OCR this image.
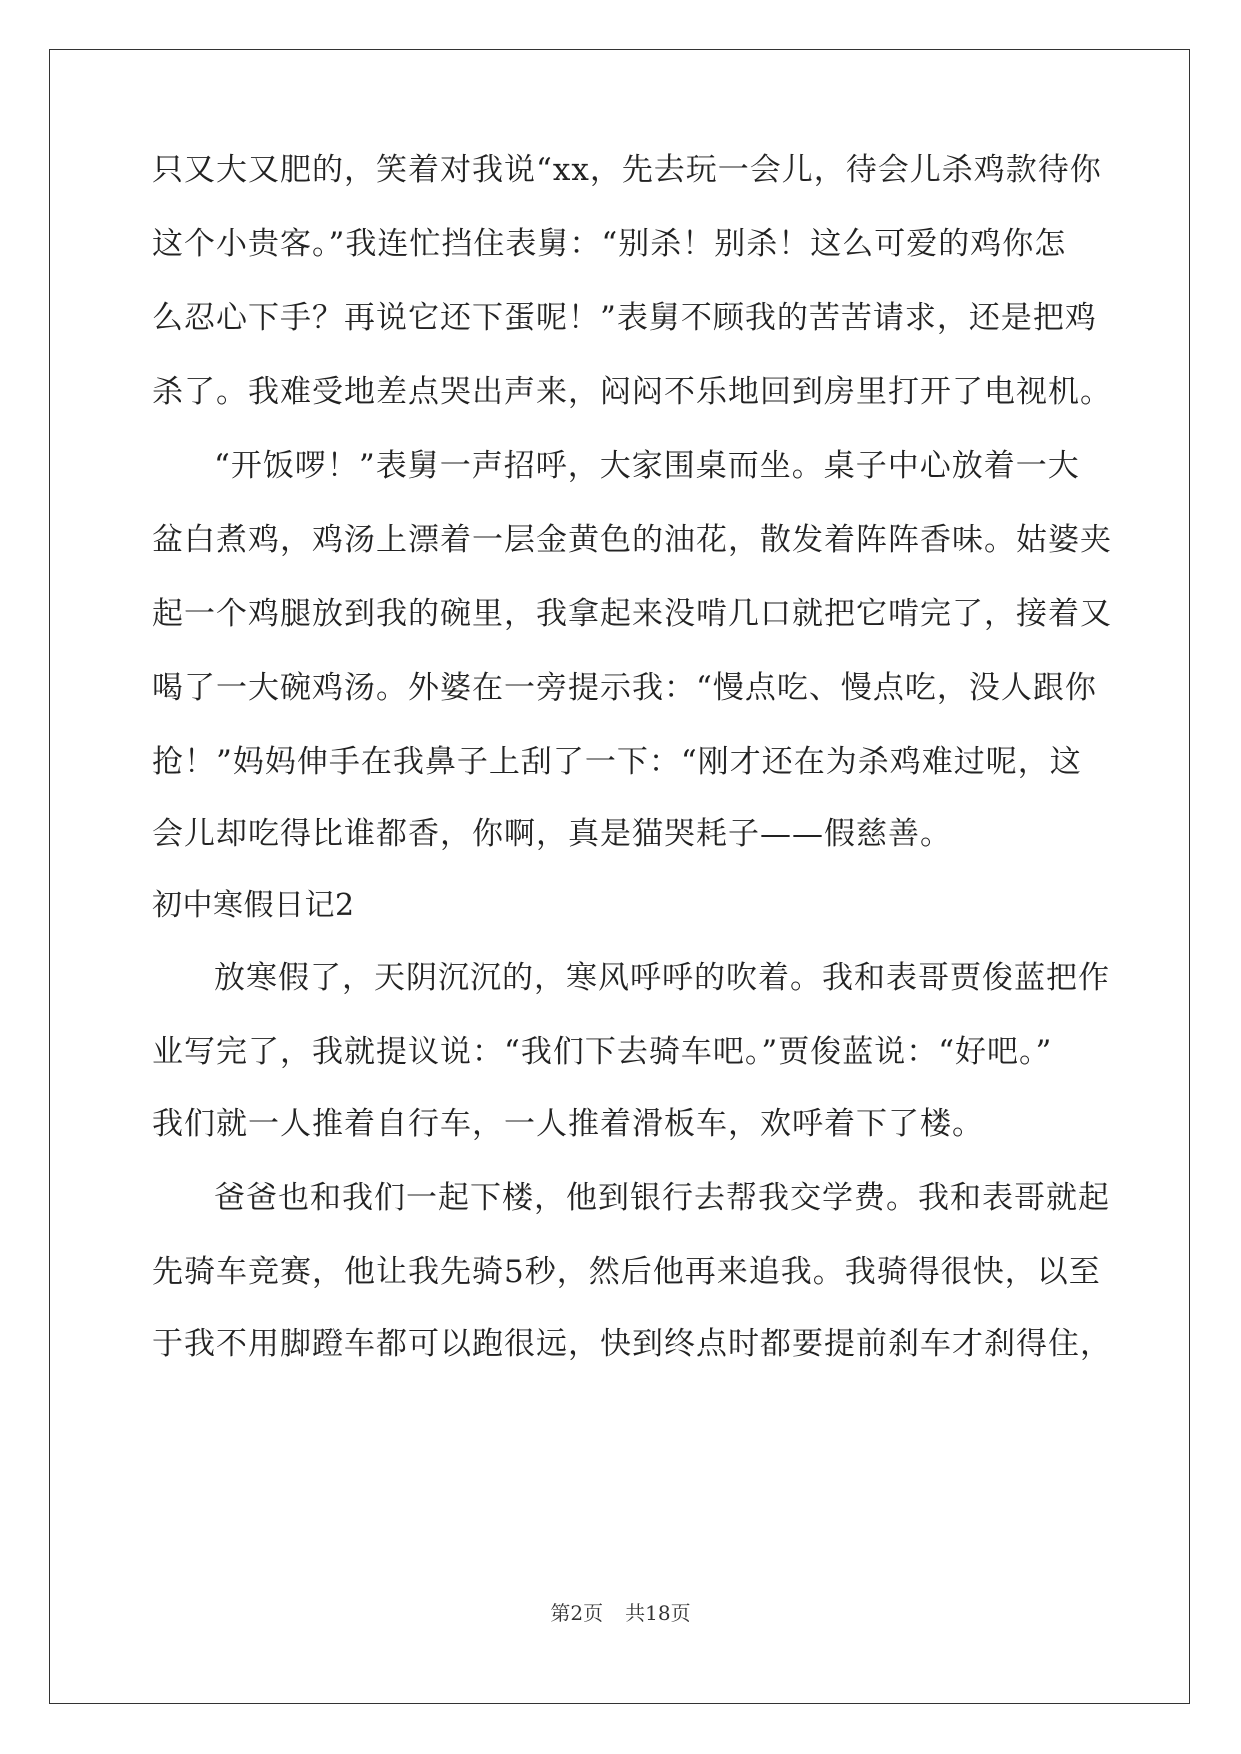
只又大又肥的，笑着对我说“xx，先去玩一会儿，待会儿杀鸡款待你
这个小贵客。”我连忙挡住表舅：“别杀！别杀！这么可爱的鸡你怎
么忍心下手？再说它还下蛋呢！”表舅不顾我的苦苦请求，还是把鸡
杀了。我难受地差点哭出声来，闷闷不乐地回到房里打开了电视机。
“开饭啰！”表舅一声招呼，大家围桌而坐。桌子中心放着一大
盆白煮鸡，鸡汤上漂着一层金黄色的油花，散发着阵阵香味。姑婆夹
起一个鸡腿放到我的碗里，我拿起来没啃几口就把它啃完了，接着又
喝了一大碗鸡汤。外婆在一旁提示我：“慢点吃、慢点吃，没人跟你
抢！”妈妈伸手在我鼻子上刮了一下：“刚才还在为杀鸡难过呢，这
会儿却吃得比谁都香，你啊，真是猫哭耗子——假慈善。
初中寒假日记2
放寒假了，天阴沉沉的，寒风呼呼的吹着。我和表哥贾俊蓝把作
业写完了，我就提议说：“我们下去骑车吧。”贾俊蓝说：“好吧。”
我们就一人推着自行车，一人推着滑板车，欢呼着下了楼。
爸爸也和我们一起下楼，他到银行去帮我交学费。我和表哥就起
先骑车竞赛，他让我先骑5秒，然后他再来追我。我骑得很快，以至
于我不用脚蹬车都可以跑很远，快到终点时都要提前刹车才刹得住，
第2页 共18页
